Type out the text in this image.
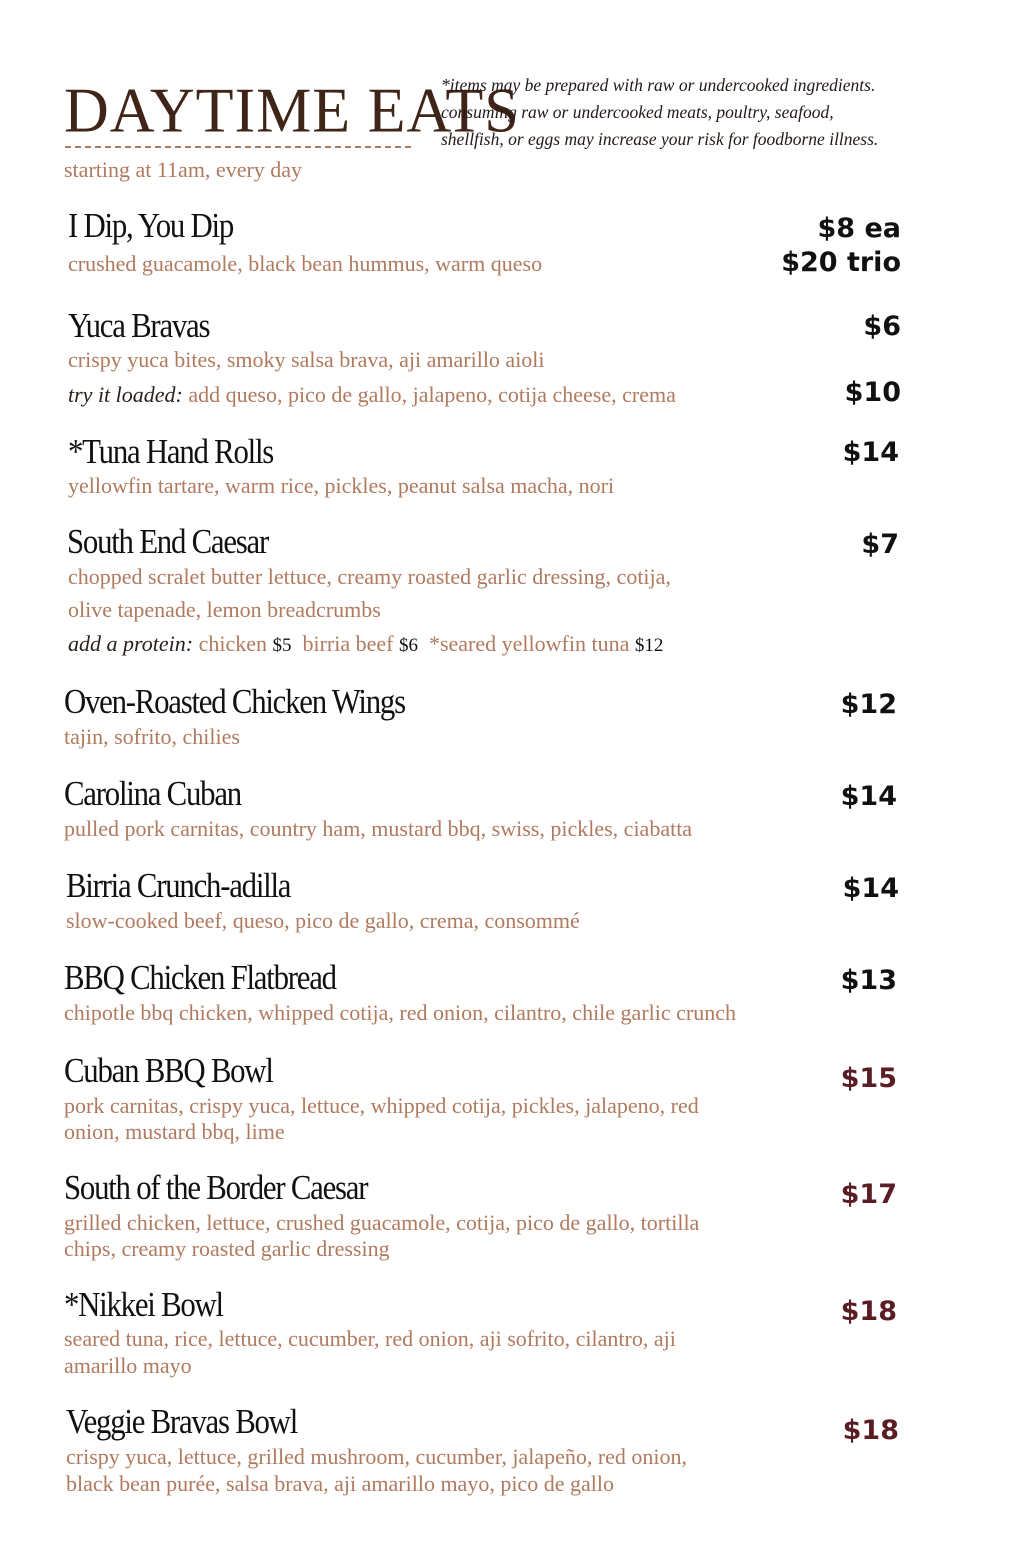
DAYTIME EATS
starting at 11am, every day
*items may be prepared with raw or undercooked ingredients.
consuming raw or undercooked meats, poultry, seafood,
shellfish, or eggs may increase your risk for foodborne illness.
I Dip, You Dip
crushed guacamole, black bean hummus, warm queso
$8 ea
$20 trio
Yuca Bravas
crispy yuca bites, smoky salsa brava, aji amarillo aioli
$6
try it loaded: add queso, pico de gallo, jalapeno, cotija cheese, crema	$10
*Tuna Hand Rolls
yellowfin tartare, warm rice, pickles, peanut salsa macha, nori
$14
South End Caesar
chopped scralet butter lettuce, creamy roasted garlic dressing, cotija,
olive tapenade, lemon breadcrumbs
$7
add a protein: chicken $5 birria beef $6 *seared yellowfin tuna $12
Oven-Roasted Chicken Wings
tajin, sofrito, chilies
$12
Carolina Cuban
pulled pork carnitas, country ham, mustard bbq, swiss, pickles, ciabatta
$14
Birria Crunch-adilla
slow-cooked beef, queso, pico de gallo, crema, consommé
$14
BBQ Chicken Flatbread
chipotle bbq chicken, whipped cotija, red onion, cilantro, chile garlic crunch
$13
Cuban BBQ Bowl
pork carnitas, crispy yuca, lettuce, whipped cotija, pickles, jalapeno, red
onion, mustard bbq, lime
$15
South of the Border Caesar
grilled chicken, lettuce, crushed guacamole, cotija, pico de gallo, tortilla
chips, creamy roasted garlic dressing
$17
*Nikkei Bowl
seared tuna, rice, lettuce, cucumber, red onion, aji sofrito, cilantro, aji
amarillo mayo
$18
Veggie Bravas Bowl
crispy yuca, lettuce, grilled mushroom, cucumber, jalapeño, red onion,
black bean purée, salsa brava, aji amarillo mayo, pico de gallo
$18
